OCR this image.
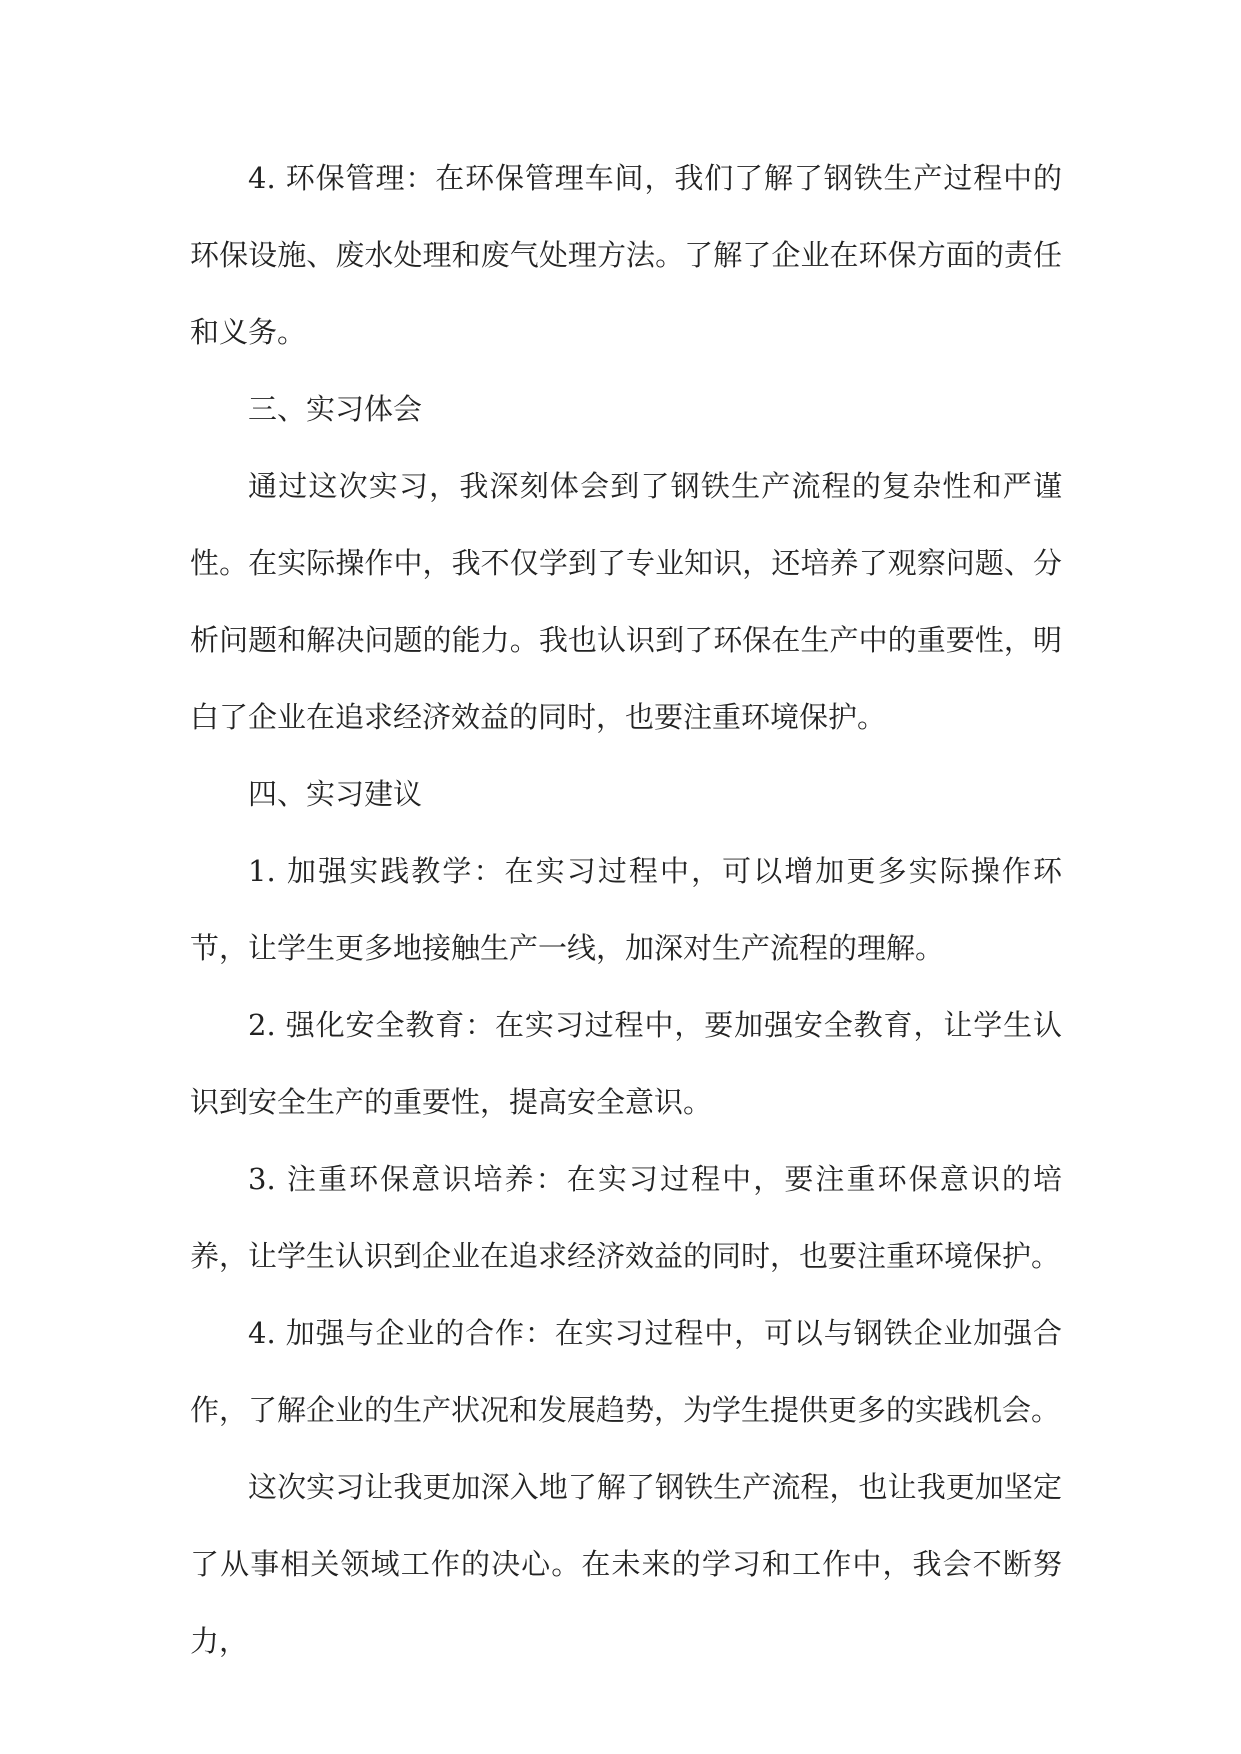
4. 环保管理：在环保管理车间，我们了解了钢铁生产过程中的环保设施、废水处理和废气处理方法。了解了企业在环保方面的责任和义务。

三、实习体会

通过这次实习，我深刻体会到了钢铁生产流程的复杂性和严谨性。在实际操作中，我不仅学到了专业知识，还培养了观察问题、分析问题和解决问题的能力。我也认识到了环保在生产中的重要性，明白了企业在追求经济效益的同时，也要注重环境保护。

四、实习建议

1. 加强实践教学：在实习过程中，可以增加更多实际操作环节，让学生更多地接触生产一线，加深对生产流程的理解。

2. 强化安全教育：在实习过程中，要加强安全教育，让学生认识到安全生产的重要性，提高安全意识。

3. 注重环保意识培养：在实习过程中，要注重环保意识的培养，让学生认识到企业在追求经济效益的同时，也要注重环境保护。

4. 加强与企业的合作：在实习过程中，可以与钢铁企业加强合作，了解企业的生产状况和发展趋势，为学生提供更多的实践机会。

这次实习让我更加深入地了解了钢铁生产流程，也让我更加坚定了从事相关领域工作的决心。在未来的学习和工作中，我会不断努力，
